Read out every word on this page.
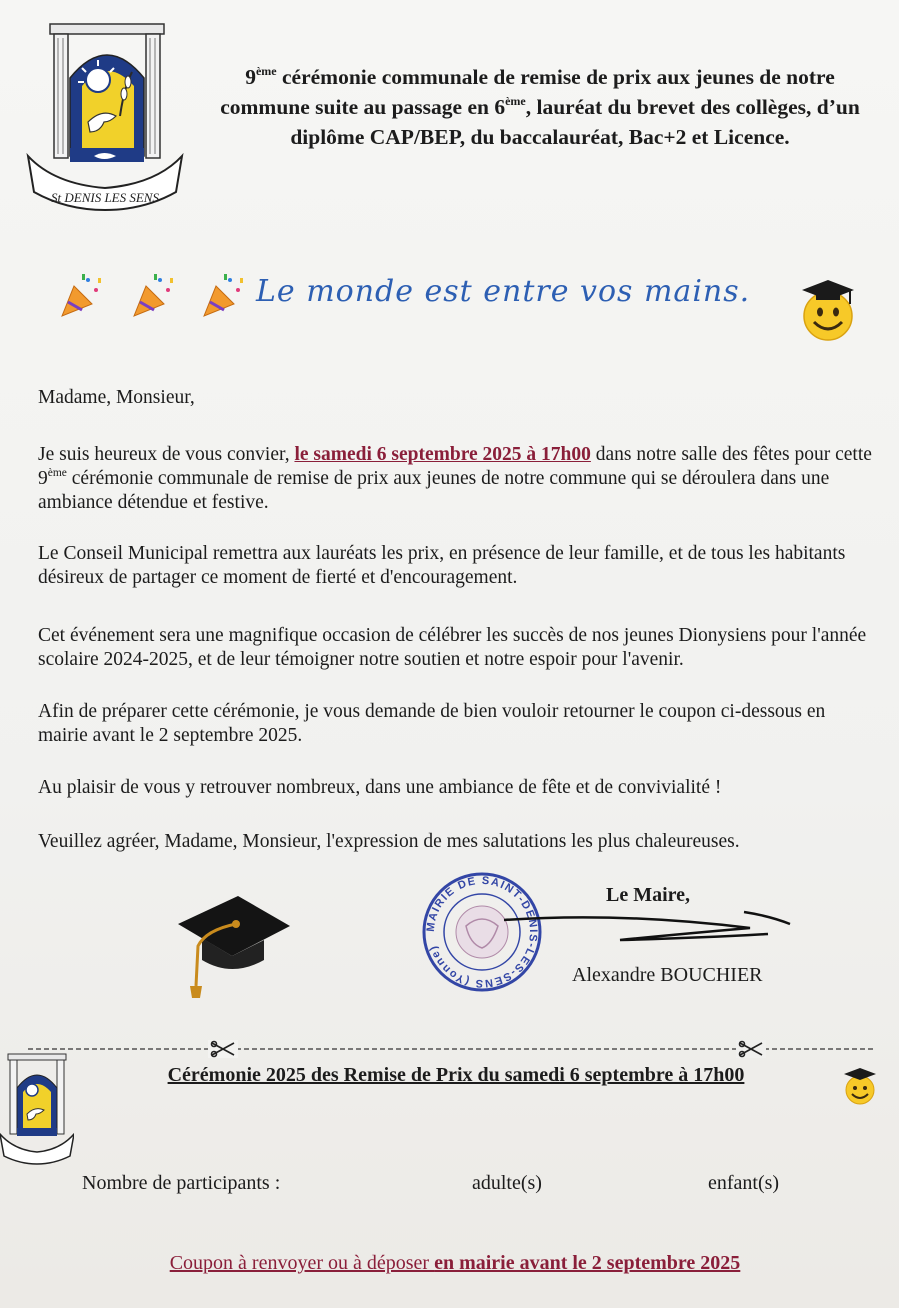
St DENIS LES SENS
9ème cérémonie communale de remise de prix aux jeunes de notre commune suite au passage en 6ème, lauréat du brevet des collèges, d’un diplôme CAP/BEP, du baccalauréat, Bac+2 et Licence.
Le monde est entre vos mains.
Madame, Monsieur,
Je suis heureux de vous convier, le samedi 6 septembre 2025 à 17h00 dans notre salle des fêtes pour cette 9ème cérémonie communale de remise de prix aux jeunes de notre commune qui se déroulera dans une ambiance détendue et festive.
Le Conseil Municipal remettra aux lauréats les prix, en présence de leur famille, et de tous les habitants désireux de partager ce moment de fierté et d'encouragement.
Cet événement sera une magnifique occasion de célébrer les succès de nos jeunes Dionysiens pour l'année scolaire 2024-2025, et de leur témoigner notre soutien et notre espoir pour l'avenir.
Afin de préparer cette cérémonie, je vous demande de bien vouloir retourner le coupon ci-dessous en mairie avant le 2 septembre 2025.
Au plaisir de vous y retrouver nombreux, dans une ambiance de fête et de convivialité !
Veuillez agréer, Madame, Monsieur, l'expression de mes salutations les plus chaleureuses.
MAIRIE DE SAINT-DENIS-LES-SENS (Yonne)
Le Maire,
Alexandre BOUCHIER
Cérémonie 2025 des Remise de Prix du samedi 6 septembre à 17h00
Nombre de participants :	adulte(s)	enfant(s)
Coupon à renvoyer ou à déposer en mairie avant le 2 septembre 2025
